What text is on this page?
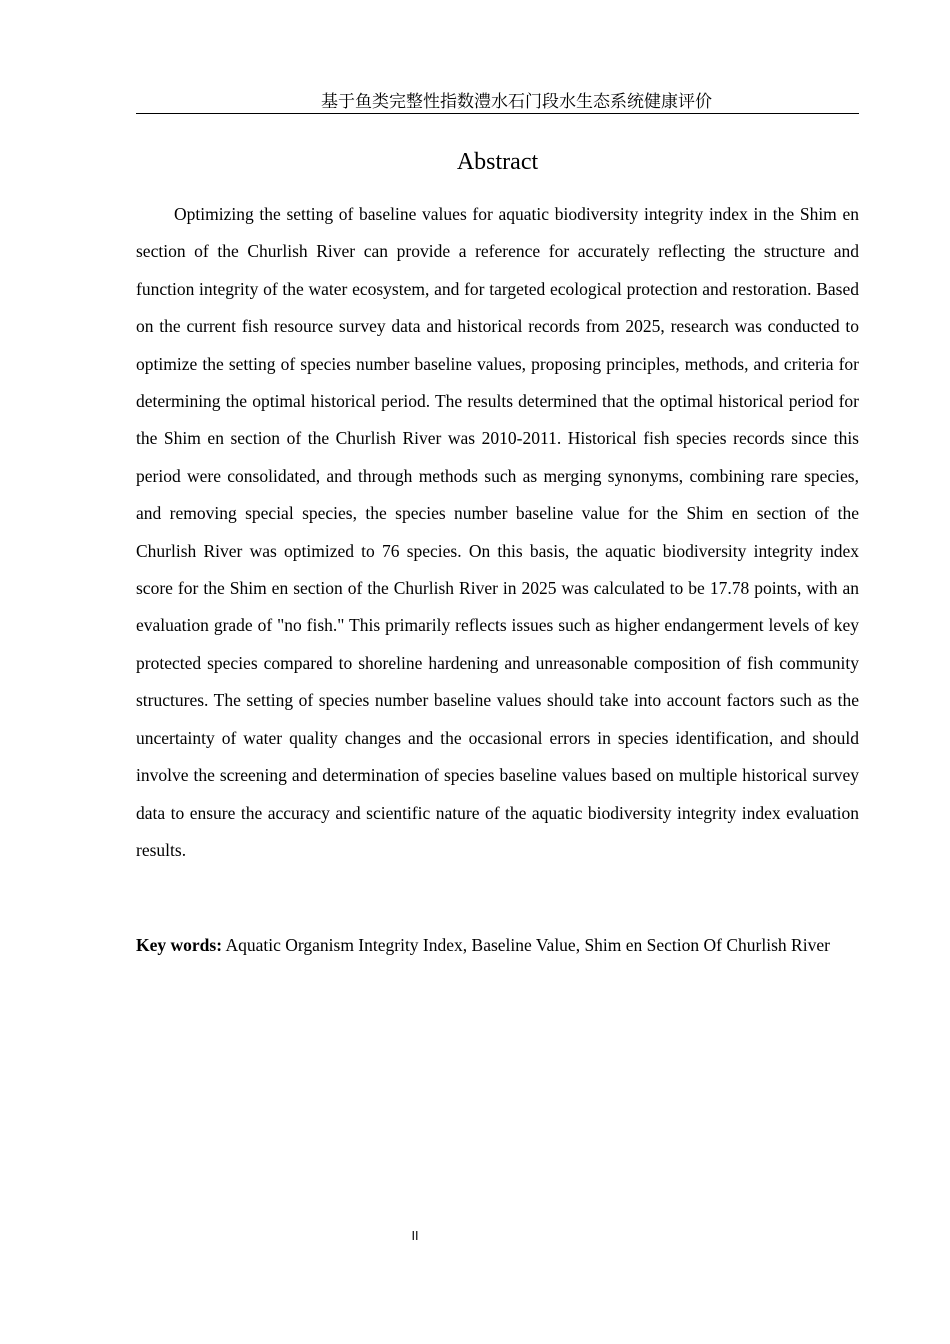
基于鱼类完整性指数澧水石门段水生态系统健康评价
Abstract

Optimizing the setting of baseline values for aquatic biodiversity integrity index in the Shim en section of the Churlish River can provide a reference for accurately reflecting the structure and function integrity of the water ecosystem, and for targeted ecological protection and restoration. Based on the current fish resource survey data and historical records from 2025, research was conducted to optimize the setting of species number baseline values, proposing principles, methods, and criteria for determining the optimal historical period. The results determined that the optimal historical period for the Shim en section of the Churlish River was 2010-2011. Historical fish species records since this period were consolidated, and through methods such as merging synonyms, combining rare species, and removing special species, the species number baseline value for the Shim en section of the Churlish River was optimized to 76 species. On this basis, the aquatic biodiversity integrity index score for the Shim en section of the Churlish River in 2025 was calculated to be 17.78 points, with an evaluation grade of "no fish." This primarily reflects issues such as higher endangerment levels of key protected species compared to shoreline hardening and unreasonable composition of fish community structures. The setting of species number baseline values should take into account factors such as the uncertainty of water quality changes and the occasional errors in species identification, and should involve the screening and determination of species baseline values based on multiple historical survey data to ensure the accuracy and scientific nature of the aquatic biodiversity integrity index evaluation results.

Key words: Aquatic Organism Integrity Index, Baseline Value, Shim en Section Of Churlish River

II
